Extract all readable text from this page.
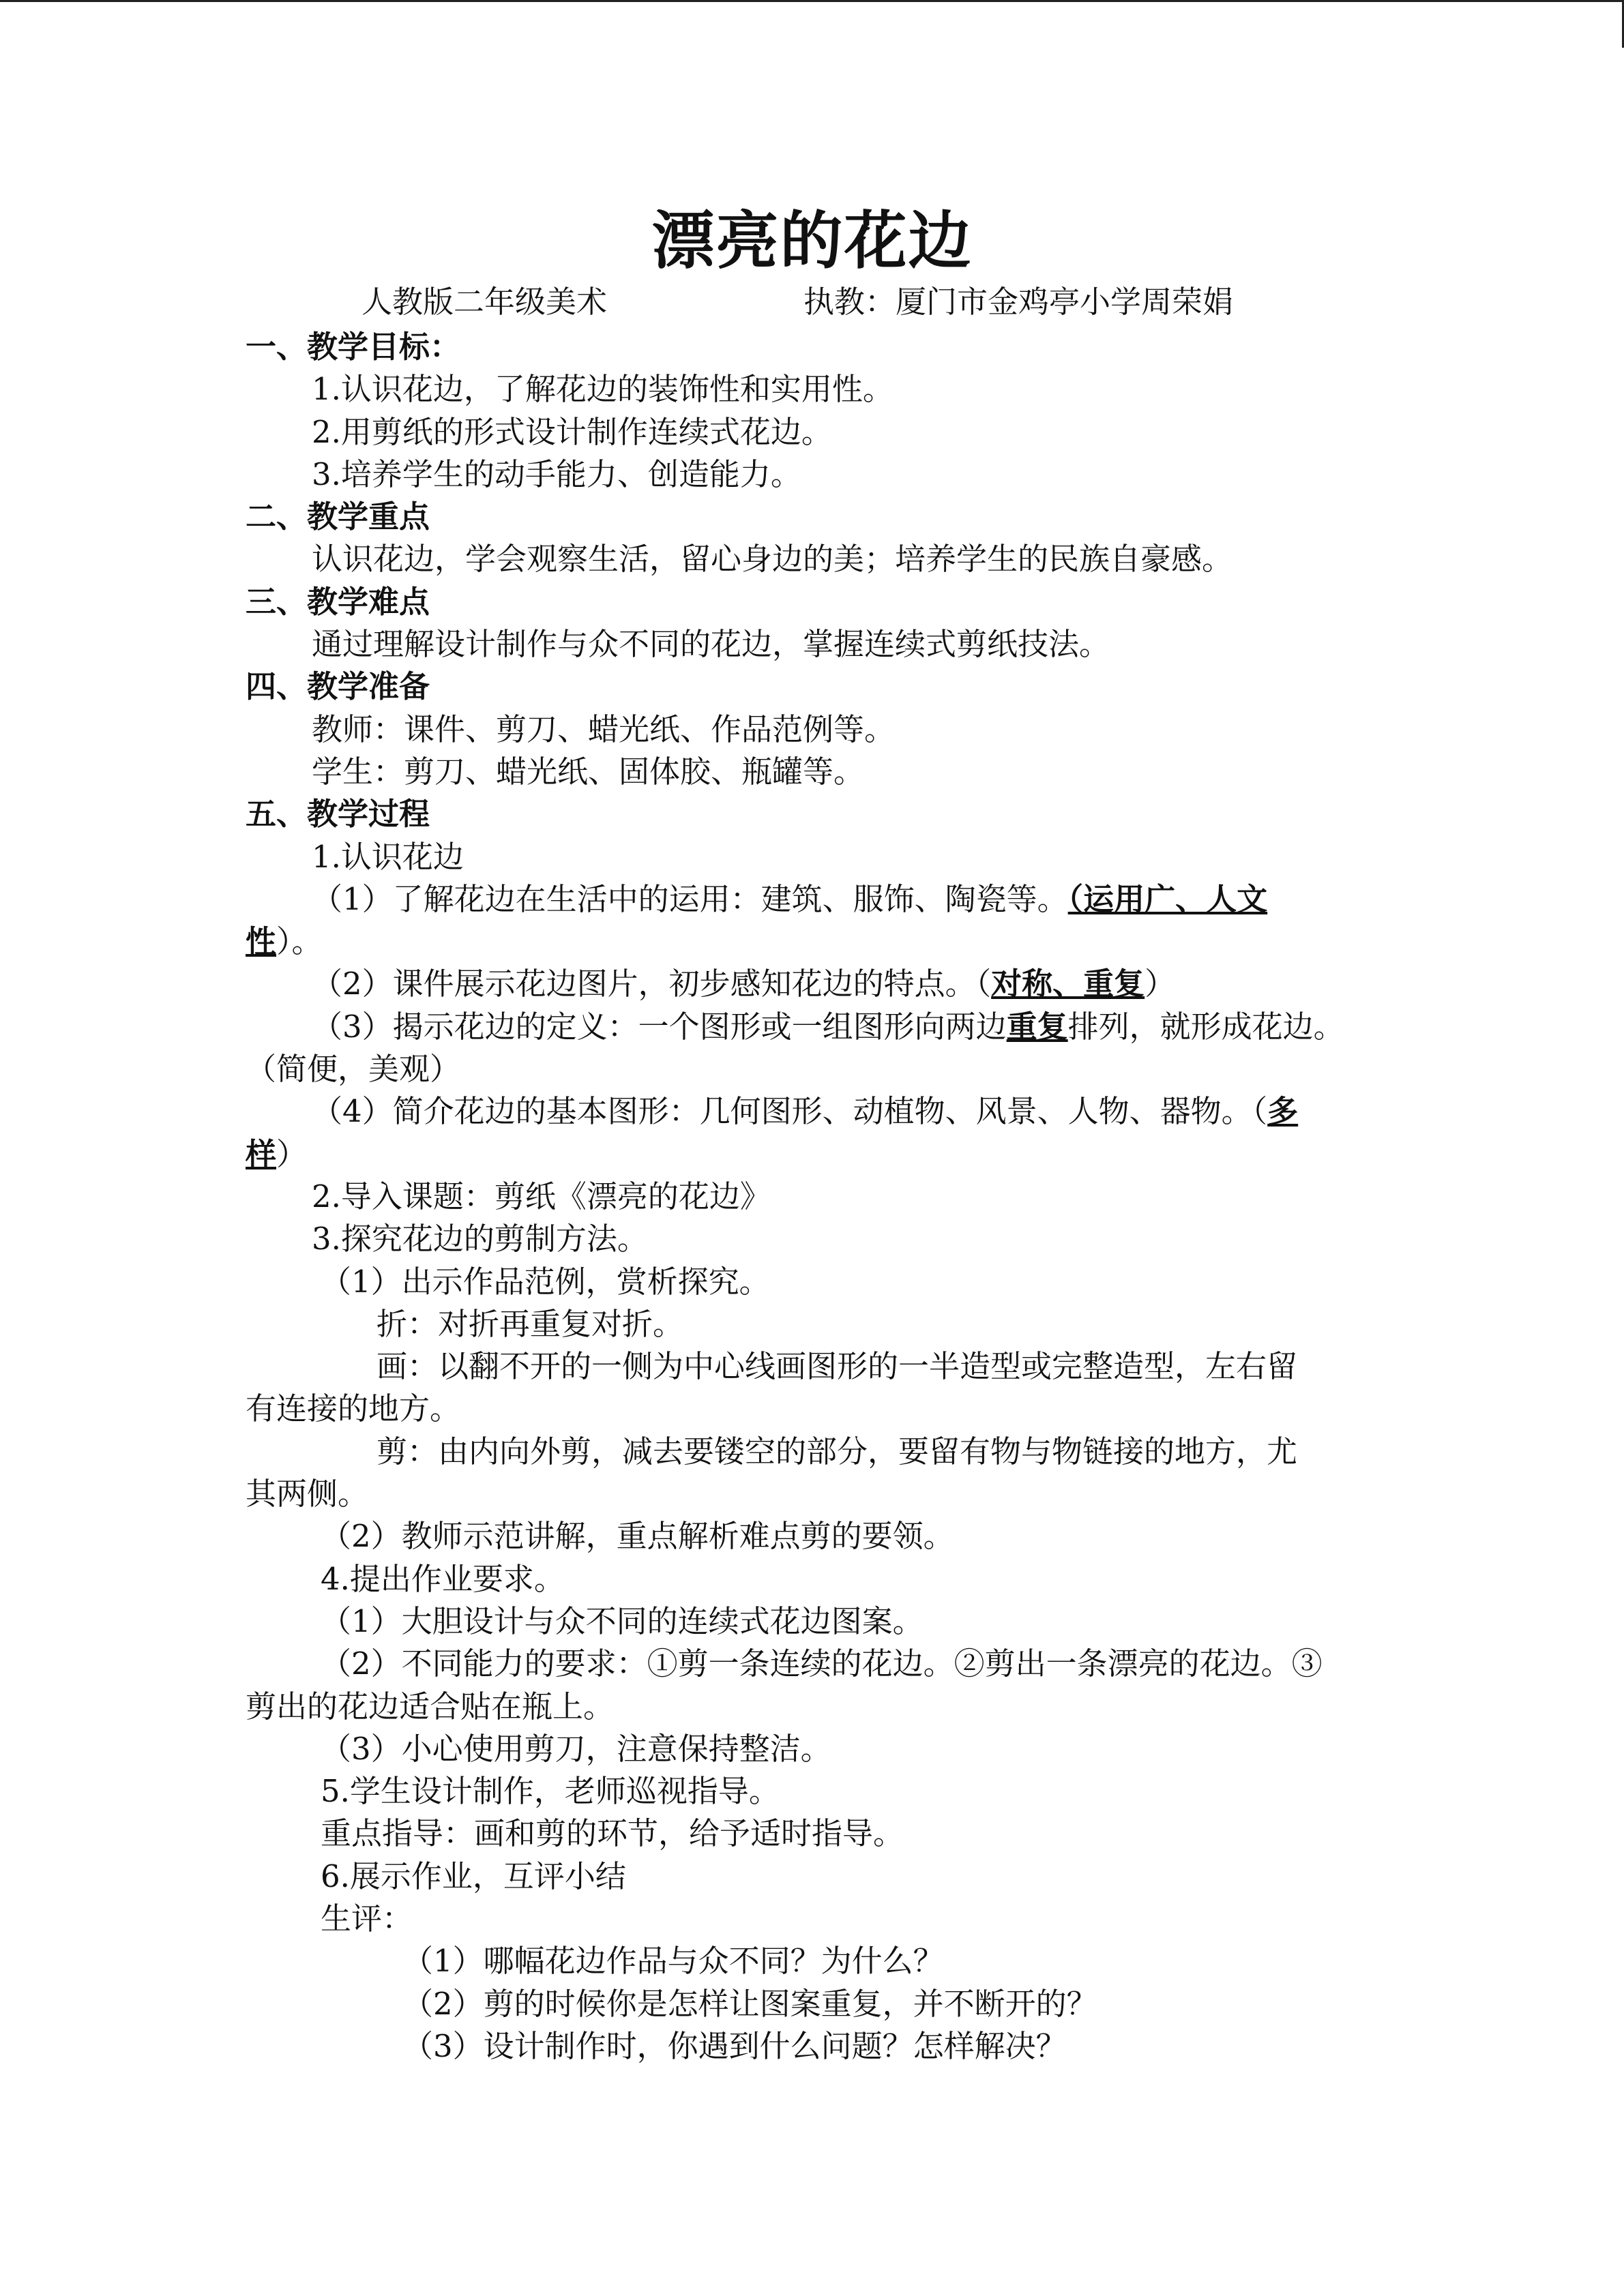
漂亮的花边
人教版二年级美术	执教：厦门市金鸡亭小学周荣娟
一、教学目标：
1.认识花边，了解花边的装饰性和实用性。
2.用剪纸的形式设计制作连续式花边。
3.培养学生的动手能力、创造能力。
二、教学重点
认识花边，学会观察生活，留心身边的美；培养学生的民族自豪感。
三、教学难点
通过理解设计制作与众不同的花边，掌握连续式剪纸技法。
四、教学准备
教师：课件、剪刀、蜡光纸、作品范例等。
学生：剪刀、蜡光纸、固体胶、瓶罐等。
五、教学过程
1.认识花边
（1）了解花边在生活中的运用：建筑、服饰、陶瓷等。（运用广、人文
性）。
（2）课件展示花边图片，初步感知花边的特点。（对称、重复）
（3）揭示花边的定义：一个图形或一组图形向两边重复排列，就形成花边。
（简便，美观）
（4）简介花边的基本图形：几何图形、动植物、风景、人物、器物。（多
样）
2.导入课题：剪纸《漂亮的花边》
3.探究花边的剪制方法。
（1）出示作品范例，赏析探究。
折：对折再重复对折。
画：以翻不开的一侧为中心线画图形的一半造型或完整造型，左右留
有连接的地方。
剪：由内向外剪，减去要镂空的部分，要留有物与物链接的地方，尤
其两侧。
（2）教师示范讲解，重点解析难点剪的要领。
4.提出作业要求。
（1）大胆设计与众不同的连续式花边图案。
（2）不同能力的要求：①剪一条连续的花边。②剪出一条漂亮的花边。③
剪出的花边适合贴在瓶上。
（3）小心使用剪刀，注意保持整洁。
5.学生设计制作，老师巡视指导。
重点指导：画和剪的环节，给予适时指导。
6.展示作业，互评小结
生评：
（1）哪幅花边作品与众不同？为什么？
（2）剪的时候你是怎样让图案重复，并不断开的？
（3）设计制作时，你遇到什么问题？怎样解决？
